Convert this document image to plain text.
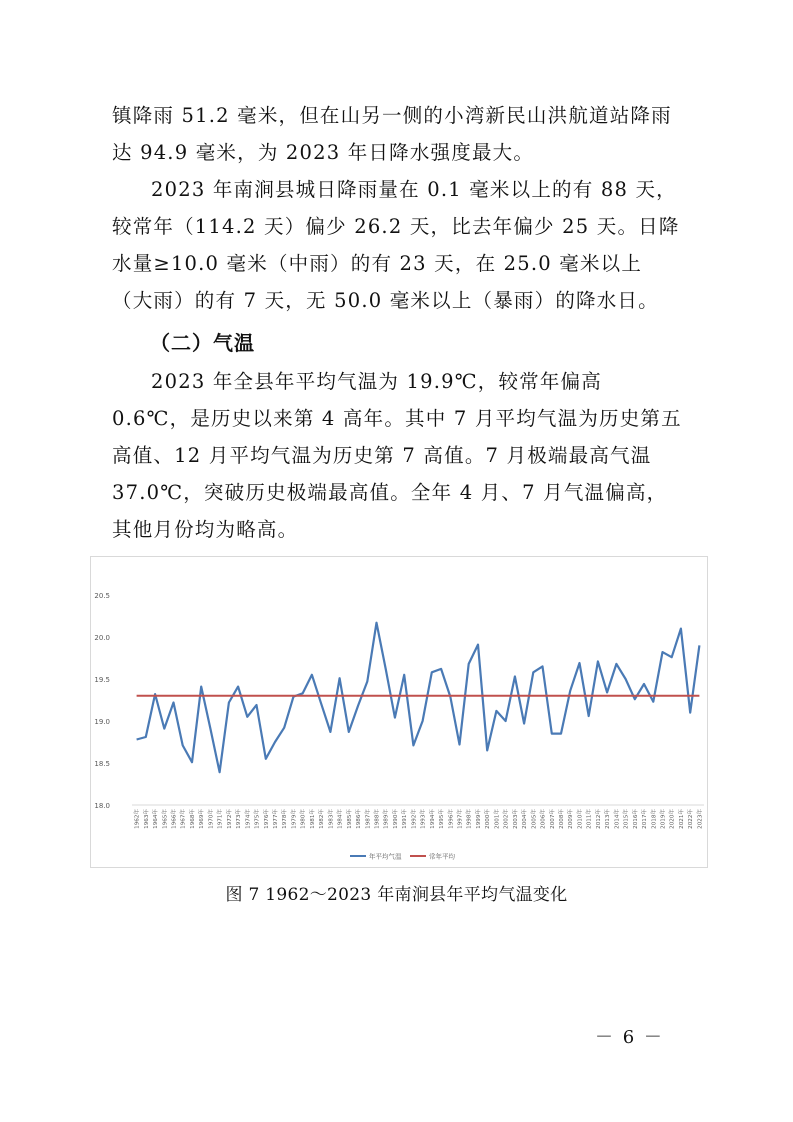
镇降雨 51.2 毫米，但在山另一侧的小湾新民山洪航道站降雨达 94.9 毫米，为 2023 年日降水强度最大。

2023 年南涧县城日降雨量在 0.1 毫米以上的有 88 天，较常年（114.2 天）偏少 26.2 天，比去年偏少 25 天。日降水量≥10.0 毫米（中雨）的有 23 天，在 25.0 毫米以上（大雨）的有 7 天，无 50.0 毫米以上（暴雨）的降水日。

（二）气温

2023 年全县年平均气温为 19.9℃，较常年偏高 0.6℃，是历史以来第 4 高年。其中 7 月平均气温为历史第五高值、12 月平均气温为历史第 7 高值。7 月极端最高气温 37.0℃，突破历史极端最高值。全年 4 月、7 月气温偏高，其他月份均为略高。

18.0
18.5
19.0
19.5
20.0
20.5
1962年 1963年 1964年 1965年 1966年 1967年 1968年 1969年 1970年 1971年 1972年 1973年 1974年 1975年 1976年 1977年 1978年 1979年 1980年 1981年 1982年 1983年 1984年 1985年 1986年 1987年 1988年 1989年 1990年 1991年 1992年 1993年 1994年 1995年 1996年 1997年 1998年 1999年 2000年 2001年 2002年 2003年 2004年 2005年 2006年 2007年 2008年 2009年 2010年 2011年 2012年 2013年 2014年 2015年 2016年 2017年 2018年 2019年 2020年 2021年 2022年 2023年
年平均气温	常年平均

图 7 1962～2023 年南涧县年平均气温变化

－ 6 －
